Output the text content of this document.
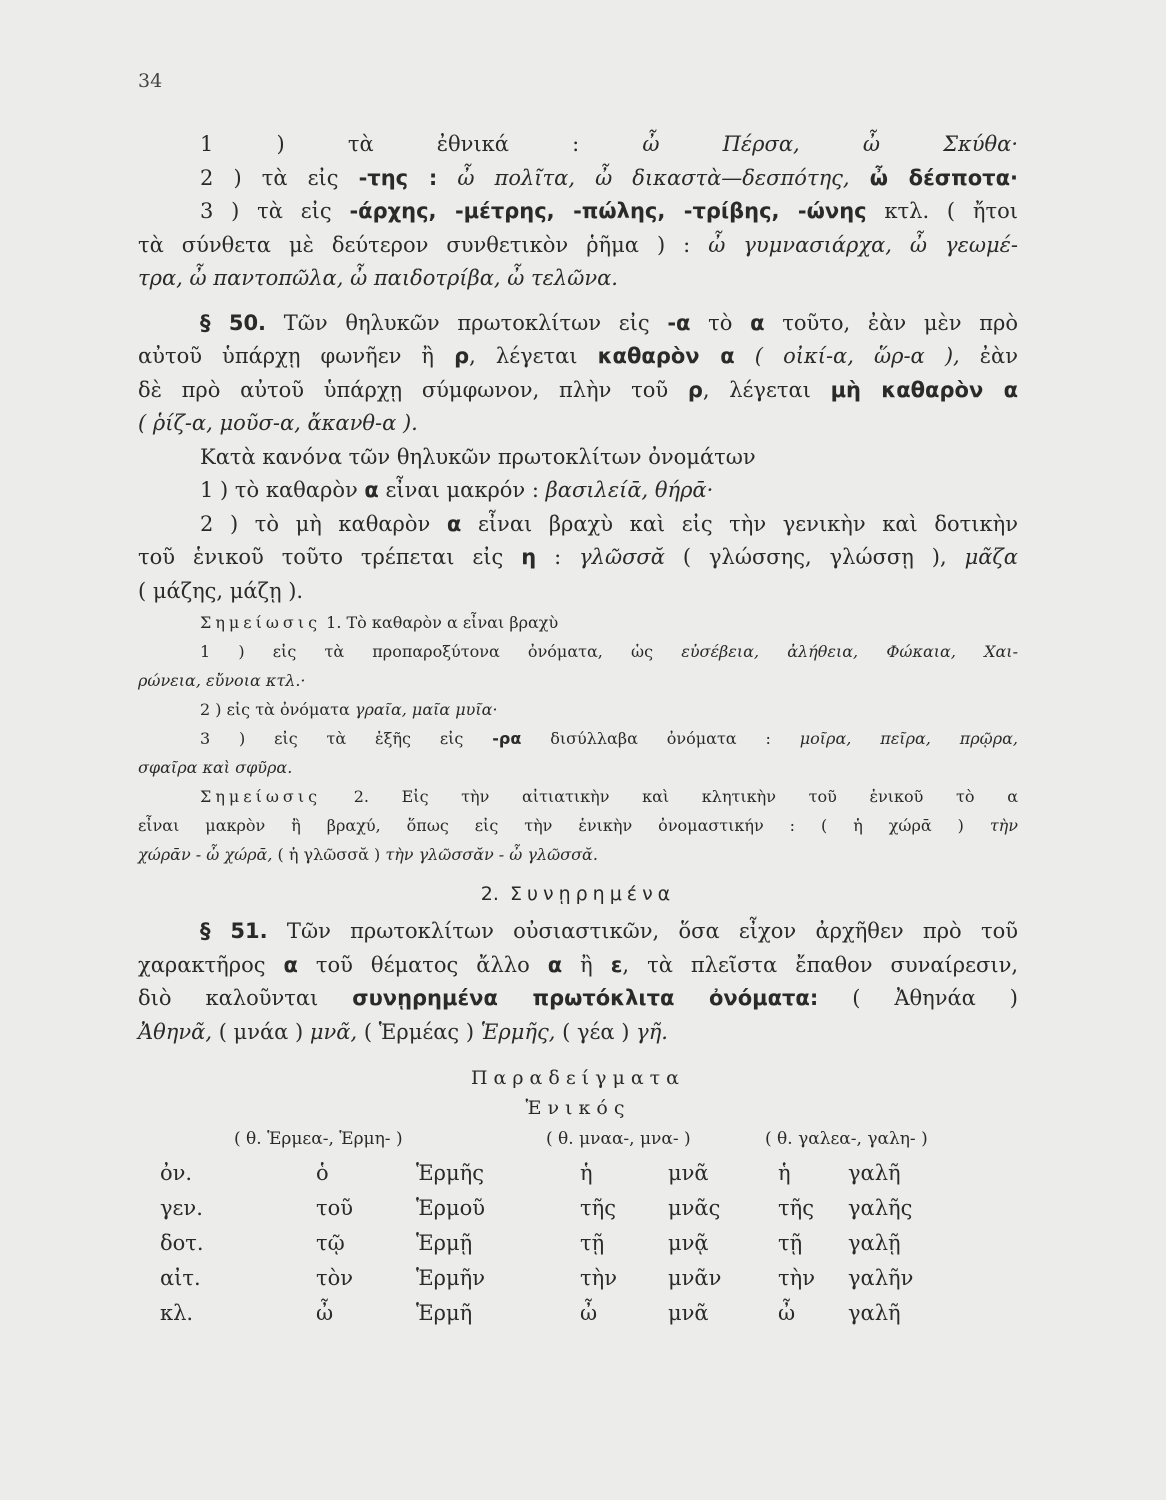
34
1 ) τὰ ἐθνικά : ὦ Πέρσα, ὦ Σκύθα·
2 ) τὰ εἰς -της : ὦ πολῖτα, ὦ δικαστὰ—δεσπότης, ὦ δέσποτα·
3 ) τὰ εἰς -άρχης, -μέτρης, -πώλης, -τρίβης, -ώνης κτλ. ( ἤτοι
τὰ σύνθετα μὲ δεύτερον συνθετικὸν ῥῆμα ) : ὦ γυμνασιάρχα, ὦ γεωμέ-
τρα, ὦ παντοπῶλα, ὦ παιδοτρίβα, ὦ τελῶνα.
§ 50. Τῶν θηλυκῶν πρωτοκλίτων εἰς -α τὸ α τοῦτο, ἐὰν μὲν πρὸ
αὐτοῦ ὑπάρχῃ φωνῆεν ἢ ρ, λέγεται καθαρὸν α ( οἰκί-α, ὥρ-α ), ἐὰν
δὲ πρὸ αὐτοῦ ὑπάρχῃ σύμφωνον, πλὴν τοῦ ρ, λέγεται μὴ καθαρὸν α
( ῥίζ-α, μοῦσ-α, ἄκανθ-α ).
Κατὰ κανόνα τῶν θηλυκῶν πρωτοκλίτων ὀνομάτων
1 ) τὸ καθαρὸν α εἶναι μακρόν : βασιλείᾱ, θήρᾱ·
2 ) τὸ μὴ καθαρὸν α εἶναι βραχὺ καὶ εἰς τὴν γενικὴν καὶ δοτικὴν
τοῦ ἑνικοῦ τοῦτο τρέπεται εἰς η : γλῶσσᾰ ( γλώσσης, γλώσσῃ ), μᾶζα
( μάζης, μάζῃ ).
Σημείωσις 1. Τὸ καθαρὸν α εἶναι βραχὺ
1 ) εἰς τὰ προπαροξύτονα ὀνόματα, ὡς εὐσέβεια, ἀλήθεια, Φώκαια, Χαι-
ρώνεια, εὔνοια κτλ.·
2 ) εἰς τὰ ὀνόματα γραῖα, μαῖα μυῖα·
3 ) εἰς τὰ ἑξῆς εἰς -ρα δισύλλαβα ὀνόματα : μοῖρα, πεῖρα, πρῷρα,
σφαῖρα καὶ σφῦρα.
Σημείωσις 2. Εἰς τὴν αἰτιατικὴν καὶ κλητικὴν τοῦ ἑνικοῦ τὸ α
εἶναι μακρὸν ἢ βραχύ, ὅπως εἰς τὴν ἑνικὴν ὀνομαστικήν : ( ἡ χώρᾱ ) τὴν
χώρᾱν - ὦ χώρᾱ, ( ἡ γλῶσσᾰ ) τὴν γλῶσσᾰν - ὦ γλῶσσᾰ.
2. Συνῃρημένα
§ 51. Τῶν πρωτοκλίτων οὐσιαστικῶν, ὅσα εἶχον ἀρχῆθεν πρὸ τοῦ
χαρακτῆρος α τοῦ θέματος ἄλλο α ἢ ε, τὰ πλεῖστα ἔπαθον συναίρεσιν,
διὸ καλοῦνται συνῃρημένα πρωτόκλιτα ὀνόματα: ( Ἀθηνάα )
Ἀθηνᾶ, ( μνάα ) μνᾶ, ( Ἑρμέας ) Ἑρμῆς, ( γέα ) γῆ.
Παραδείγματα
Ἑνικός
( θ. Ἑρμεα-, Ἑρμη- )	( θ. μναα-, μνα- )	( θ. γαλεα-, γαλη- )
ὀν.	ὁ	Ἑρμῆς	ἡ	μνᾶ	ἡ	γαλῆ
γεν.	τοῦ	Ἑρμοῦ	τῆς μνᾶς	τῆς γαλῆς
δοτ.	τῷ	Ἑρμῇ	τῇ	μνᾷ	τῇ γαλῇ
αἰτ.	τὸν	Ἑρμῆν	τὴν μνᾶν	τὴν γαλῆν
κλ.	ὦ	Ἑρμῆ	ὦ	μνᾶ	ὦ	γαλῆ
